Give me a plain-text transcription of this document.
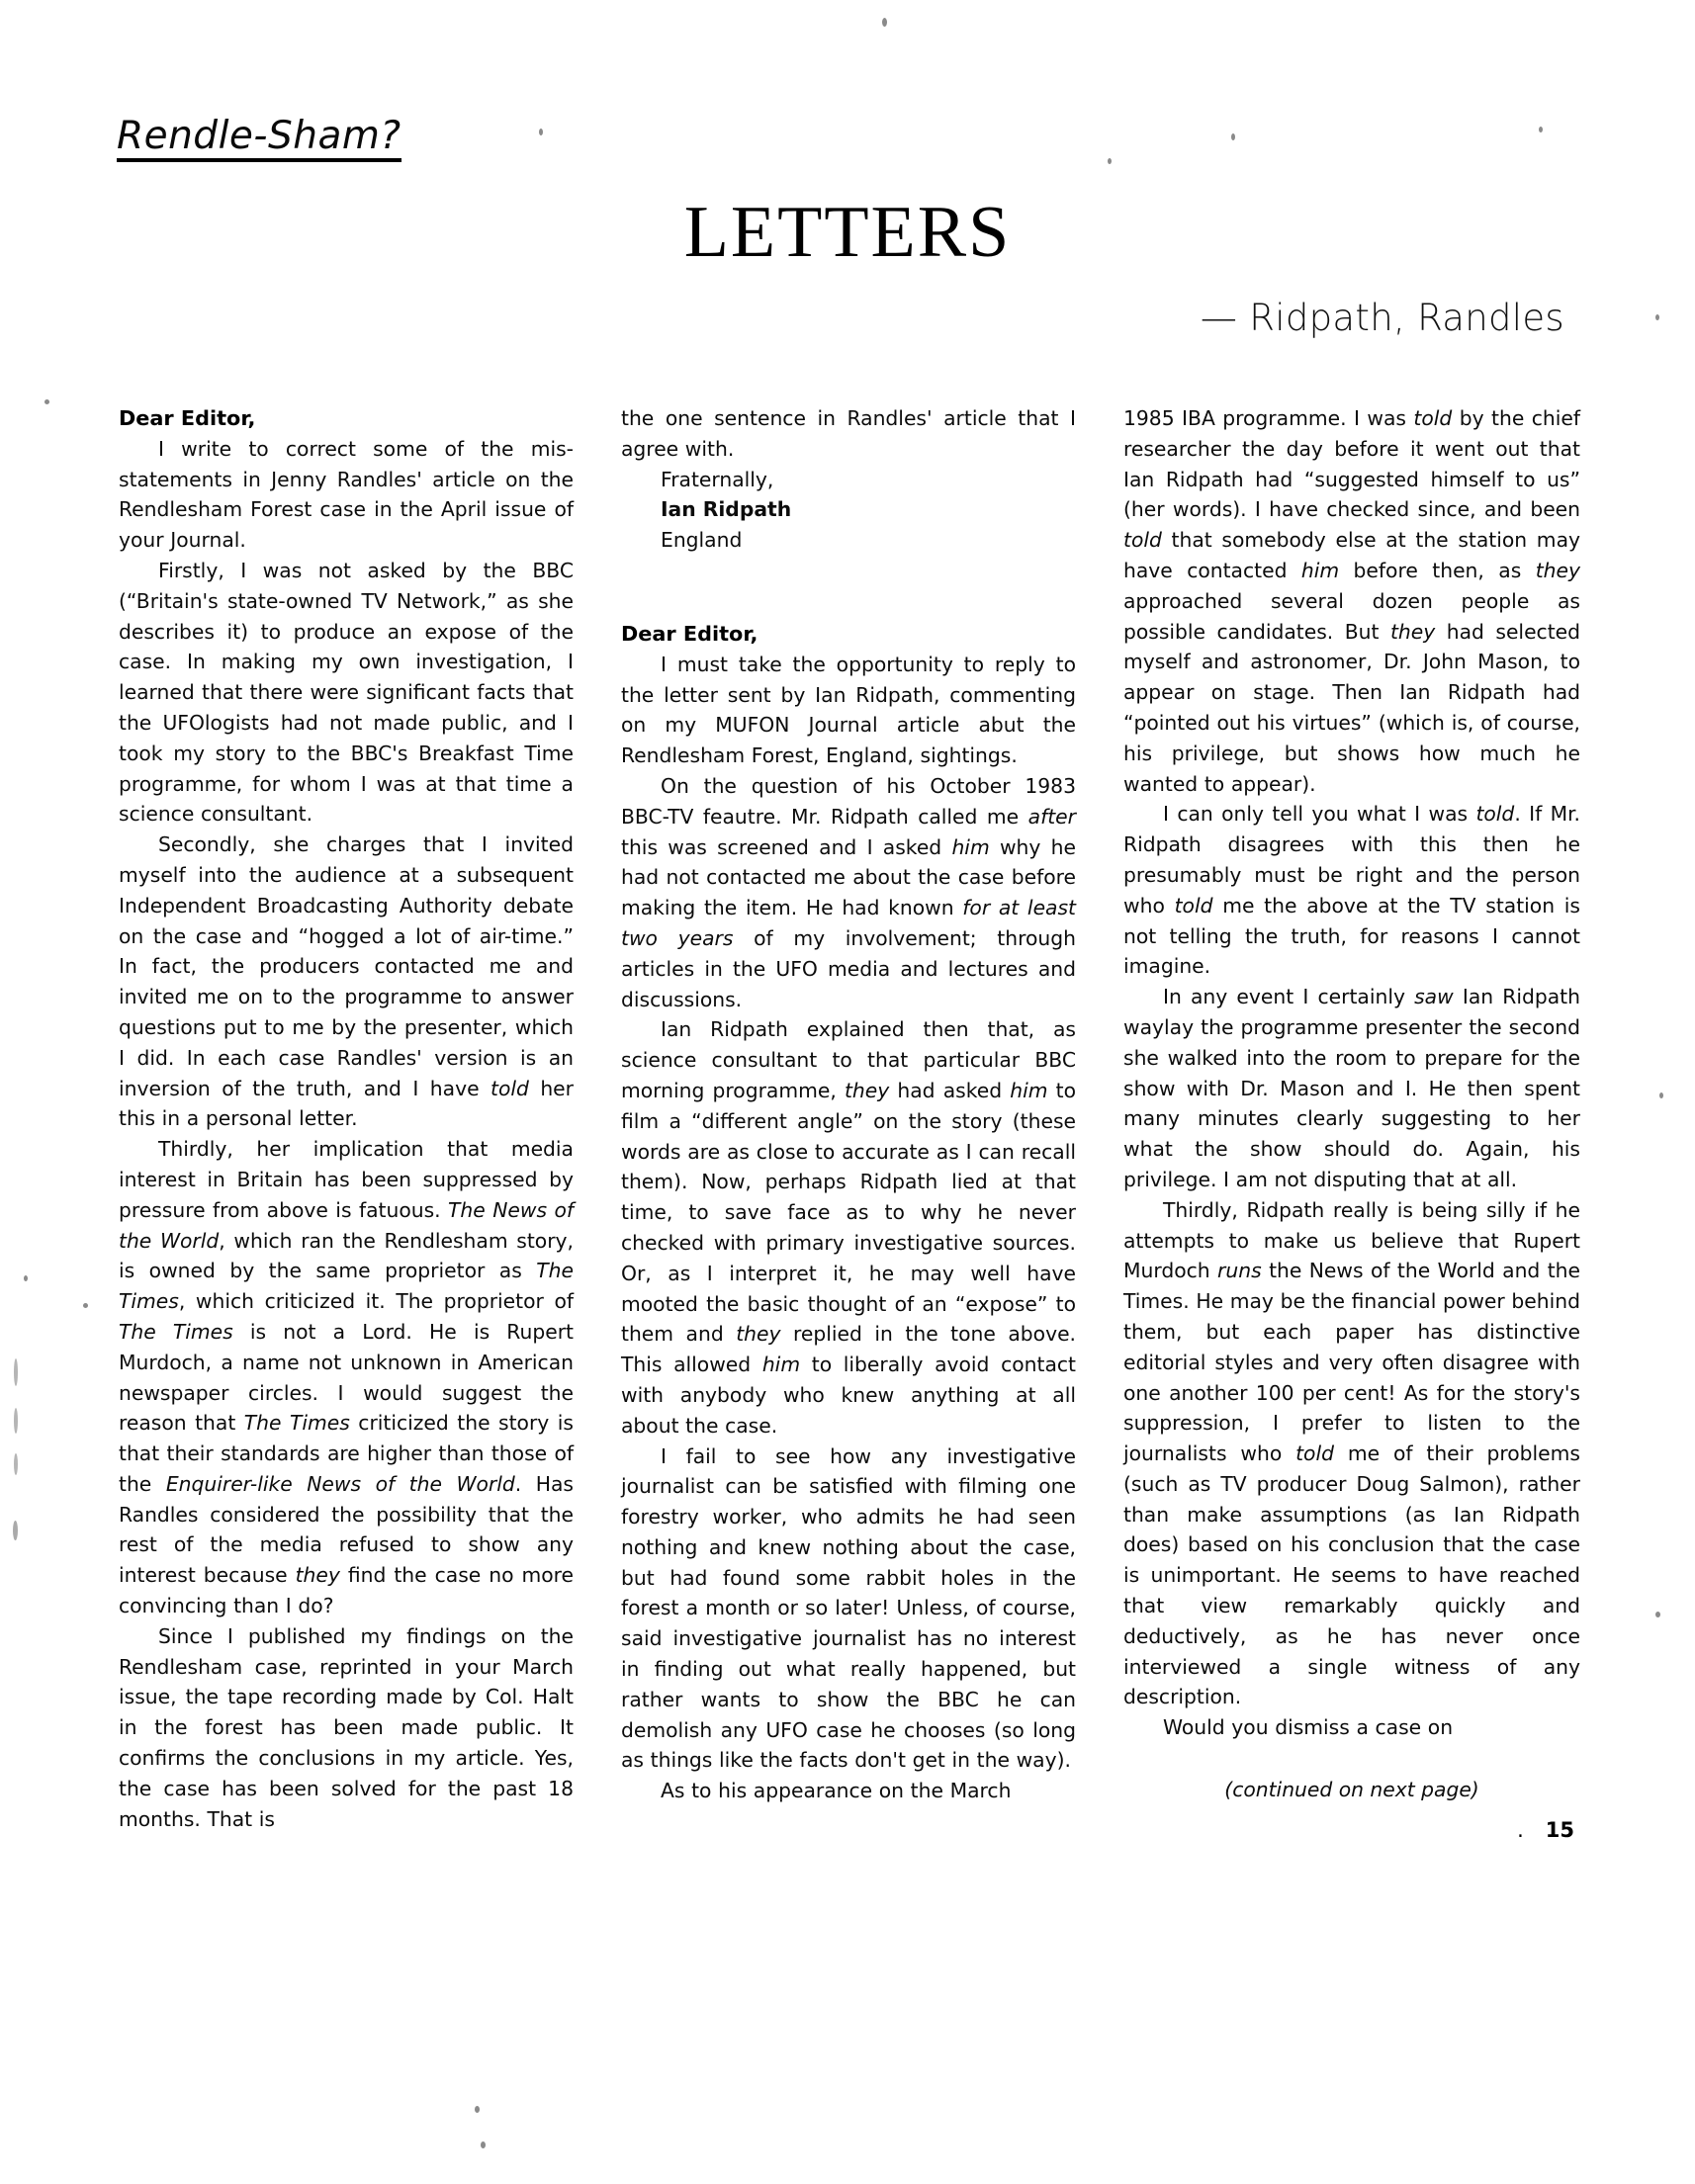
Rendle-Sham?
LETTERS
— Ridpath, Randles

Dear Editor,

I write to correct some of the mis-statements in Jenny Randles' article on the Rendlesham Forest case in the April issue of your Journal.

Firstly, I was not asked by the BBC (“Britain's state-owned TV Network,” as she describes it) to produce an expose of the case. In making my own investigation, I learned that there were significant facts that the UFOlogists had not made public, and I took my story to the BBC's Breakfast Time programme, for whom I was at that time a science consultant.

Secondly, she charges that I invited myself into the audience at a subsequent Independent Broadcasting Authority debate on the case and “hogged a lot of air-time.” In fact, the producers contacted me and invited me on to the programme to answer questions put to me by the presenter, which I did. In each case Randles' version is an inversion of the truth, and I have told her this in a personal letter.

Thirdly, her implication that media interest in Britain has been suppressed by pressure from above is fatuous. The News of the World, which ran the Rendlesham story, is owned by the same proprietor as The Times, which criticized it. The proprietor of The Times is not a Lord. He is Rupert Murdoch, a name not unknown in American newspaper circles. I would suggest the reason that The Times criticized the story is that their standards are higher than those of the Enquirer-like News of the World. Has Randles considered the possibility that the rest of the media refused to show any interest because they find the case no more convincing than I do?

Since I published my findings on the Rendlesham case, reprinted in your March issue, the tape recording made by Col. Halt in the forest has been made public. It confirms the conclusions in my article. Yes, the case has been solved for the past 18 months. That is

the one sentence in Randles' article that I agree with.

Fraternally,
Ian Ridpath
England

Dear Editor,

I must take the opportunity to reply to the letter sent by Ian Ridpath, commenting on my MUFON Journal article abut the Rendlesham Forest, England, sightings.

On the question of his October 1983 BBC-TV feautre. Mr. Ridpath called me after this was screened and I asked him why he had not contacted me about the case before making the item. He had known for at least two years of my involvement; through articles in the UFO media and lectures and discussions.

Ian Ridpath explained then that, as science consultant to that particular BBC morning programme, they had asked him to film a “different angle” on the story (these words are as close to accurate as I can recall them). Now, perhaps Ridpath lied at that time, to save face as to why he never checked with primary investigative sources. Or, as I interpret it, he may well have mooted the basic thought of an “expose” to them and they replied in the tone above. This allowed him to liberally avoid contact with anybody who knew anything at all about the case.

I fail to see how any investigative journalist can be satisfied with filming one forestry worker, who admits he had seen nothing and knew nothing about the case, but had found some rabbit holes in the forest a month or so later! Unless, of course, said investigative journalist has no interest in finding out what really happened, but rather wants to show the BBC he can demolish any UFO case he chooses (so long as things like the facts don't get in the way).

As to his appearance on the March

1985 IBA programme. I was told by the chief researcher the day before it went out that Ian Ridpath had “suggested himself to us” (her words). I have checked since, and been told that somebody else at the station may have contacted him before then, as they approached several dozen people as possible candidates. But they had selected myself and astronomer, Dr. John Mason, to appear on stage. Then Ian Ridpath had “pointed out his virtues” (which is, of course, his privilege, but shows how much he wanted to appear).

I can only tell you what I was told. If Mr. Ridpath disagrees with this then he presumably must be right and the person who told me the above at the TV station is not telling the truth, for reasons I cannot imagine.

In any event I certainly saw Ian Ridpath waylay the programme presenter the second she walked into the room to prepare for the show with Dr. Mason and I. He then spent many minutes clearly suggesting to her what the show should do. Again, his privilege. I am not disputing that at all.

Thirdly, Ridpath really is being silly if he attempts to make us believe that Rupert Murdoch runs the News of the World and the Times. He may be the financial power behind them, but each paper has distinctive editorial styles and very often disagree with one another 100 per cent! As for the story's suppression, I prefer to listen to the journalists who told me of their problems (such as TV producer Doug Salmon), rather than make assumptions (as Ian Ridpath does) based on his conclusion that the case is unimportant. He seems to have reached that view remarkably quickly and deductively, as he has never once interviewed a single witness of any description.

Would you dismiss a case on

(continued on next page)
. 15
